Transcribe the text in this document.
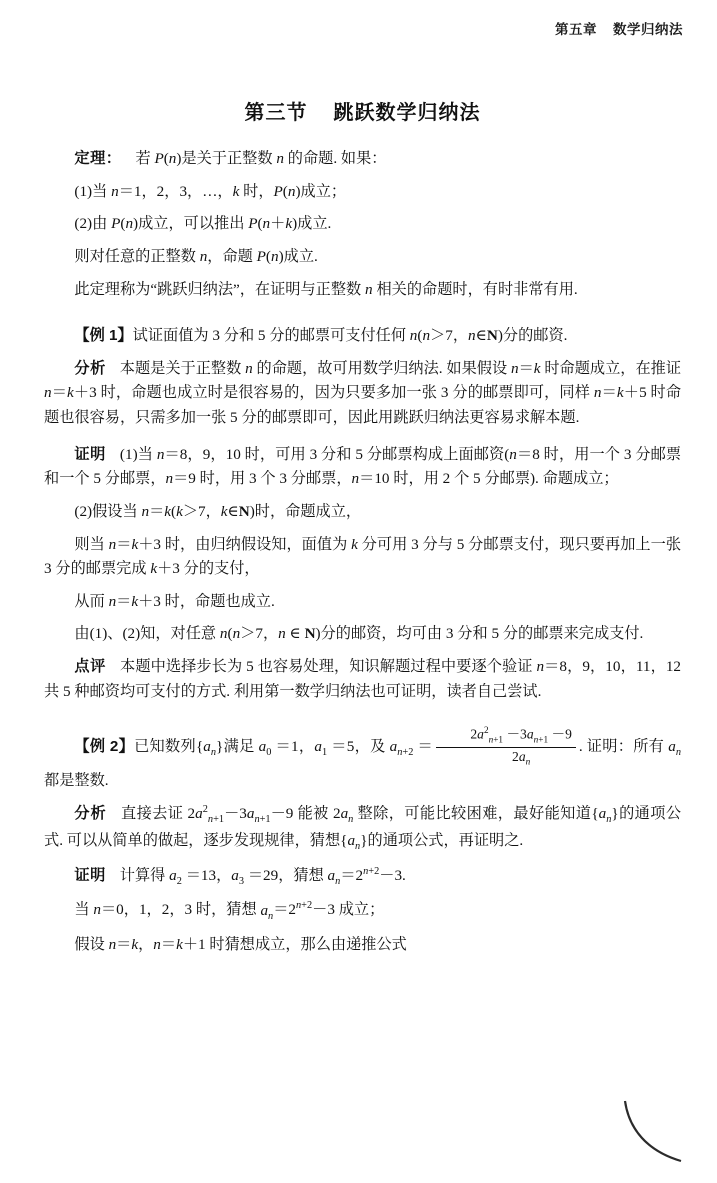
第五章 数学归纳法
第三节 跳跃数学归纳法

定理： 若 P(n)是关于正整数 n 的命题. 如果：

(1)当 n＝1，2，3，…，k 时，P(n)成立；

(2)由 P(n)成立，可以推出 P(n＋k)成立.

则对任意的正整数 n，命题 P(n)成立.

此定理称为“跳跃归纳法”，在证明与正整数 n 相关的命题时，有时非常有用.

【例 1】试证面值为 3 分和 5 分的邮票可支付任何 n(n＞7，n∈N)分的邮资.

分析 本题是关于正整数 n 的命题，故可用数学归纳法. 如果假设 n＝k 时命题成立，在推证 n＝k＋3 时，命题也成立时是很容易的，因为只要多加一张 3 分的邮票即可，同样 n＝k＋5 时命题也很容易，只需多加一张 5 分的邮票即可，因此用跳跃归纳法更容易求解本题.

证明 (1)当 n＝8，9，10 时，可用 3 分和 5 分邮票构成上面邮资(n＝8 时，用一个 3 分邮票和一个 5 分邮票，n＝9 时，用 3 个 3 分邮票，n＝10 时，用 2 个 5 分邮票). 命题成立；

(2)假设当 n＝k(k＞7，k∈N)时，命题成立，

则当 n＝k＋3 时，由归纳假设知，面值为 k 分可用 3 分与 5 分邮票支付，现只要再加上一张 3 分的邮票完成 k＋3 分的支付，

从而 n＝k＋3 时，命题也成立.

由(1)、(2)知，对任意 n(n＞7，n ∈ N)分的邮资，均可由 3 分和 5 分的邮票来完成支付.

点评 本题中选择步长为 5 也容易处理，知识解题过程中要逐个验证 n＝8，9，10，11，12 共 5 种邮资均可支付的方式. 利用第一数学归纳法也可证明，读者自己尝试.

【例 2】已知数列$\{a_n\}$满足 $a_0 =1$，$a_1 =5$，及 $a_{n+2} = \frac{2a^2_{n+1} -3a_{n+1} -9}{2a_n}$ . 证明：所有 $a_n$ 都是整数.

分析 直接去证 $2a^2_{n+1}-3a_{n+1}-9$ 能被 $2a_n$ 整除，可能比较困难，最好能知道$\{a_n\}$的通项公式. 可以从简单的做起，逐步发现规律，猜想$\{a_n\}$的通项公式，再证明之.

证明 计算得 $a_2 =13$，$a_3 =29$，猜想 $a_n=2^{n+2}-3$.

当 n＝0，1，2，3 时，猜想 $a_n=2^{n+2}-3$ 成立；

假设 n＝k，n＝k＋1 时猜想成立，那么由递推公式
